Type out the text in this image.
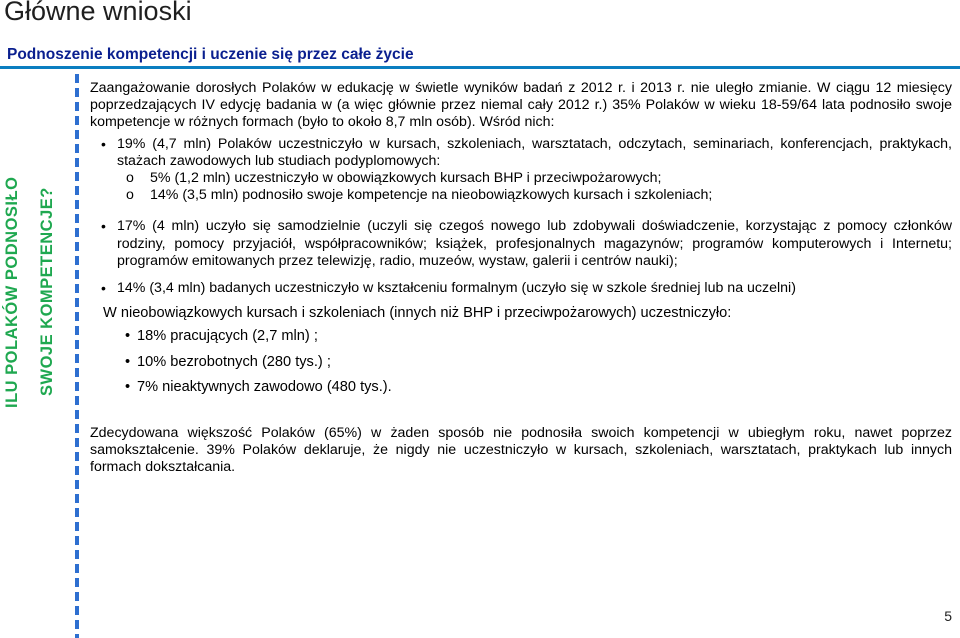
Główne wnioski
Podnoszenie kompetencji i uczenie się przez całe życie
ILU POLAKÓW PODNOSIŁO SWOJE KOMPETENCJE?

Zaangażowanie dorosłych Polaków w edukację w świetle wyników badań z 2012 r. i 2013 r. nie uległo zmianie. W ciągu 12 miesięcy poprzedzających IV edycję badania w (a więc głównie przez niemal cały 2012 r.) 35% Polaków w wieku 18-59/64 lata podnosiło swoje kompetencje w różnych formach (było to około 8,7 mln osób). Wśród nich:

• 19% (4,7 mln) Polaków uczestniczyło w kursach, szkoleniach, warsztatach, odczytach, seminariach, konferencjach, praktykach, stażach zawodowych lub studiach podyplomowych:
o 5% (1,2 mln) uczestniczyło w obowiązkowych kursach BHP i przeciwpożarowych;
o 14% (3,5 mln) podnosiło swoje kompetencje na nieobowiązkowych kursach i szkoleniach;
• 17% (4 mln) uczyło się samodzielnie (uczyli się czegoś nowego lub zdobywali doświadczenie, korzystając z pomocy członków rodziny, pomocy przyjaciół, współpracowników; książek, profesjonalnych magazynów; programów komputerowych i Internetu; programów emitowanych przez telewizję, radio, muzeów, wystaw, galerii i centrów nauki);
• 14% (3,4 mln) badanych uczestniczyło w kształceniu formalnym (uczyło się w szkole średniej lub na uczelni)
W nieobowiązkowych kursach i szkoleniach (innych niż BHP i przeciwpożarowych) uczestniczyło:
• 18% pracujących (2,7 mln) ;
• 10% bezrobotnych (280 tys.) ;
• 7% nieaktywnych zawodowo (480 tys.).

Zdecydowana większość Polaków (65%) w żaden sposób nie podnosiła swoich kompetencji w ubiegłym roku, nawet poprzez samokształcenie. 39% Polaków deklaruje, że nigdy nie uczestniczyło w kursach, szkoleniach, warsztatach, praktykach lub innych formach dokształcania.

5
